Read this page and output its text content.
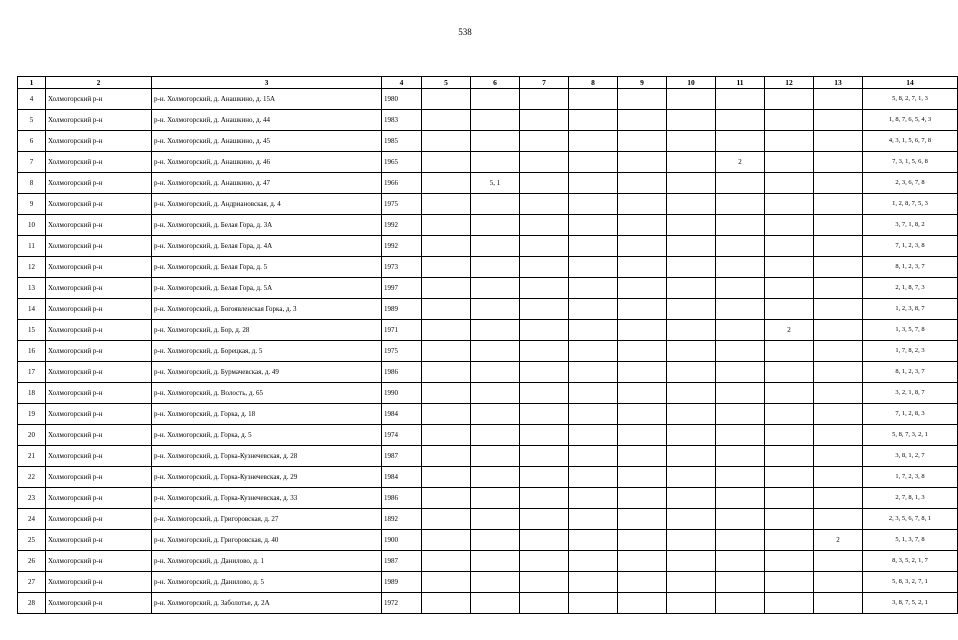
538
1	2	3	4	5	6	7	8	9	10	11	12	13	14
4	Холмогорский р-н	р-н. Холмогорский, д. Анашкино, д. 15А	1980										5, 8, 2, 7, 1, 3
5	Холмогорский р-н	р-н. Холмогорский, д. Анашкино, д. 44	1983										1, 8, 7, 6, 5, 4, 3
6	Холмогорский р-н	р-н. Холмогорский, д. Анашкино, д. 45	1985										4, 3, 1, 5, 6, 7, 8
7	Холмогорский р-н	р-н. Холмогорский, д. Анашкино, д. 46	1965							2			7, 3, 1, 5, 6, 8
8	Холмогорский р-н	р-н. Холмогорский, д. Анашкино, д. 47	1966		5, 1								2, 3, 6, 7, 8
9	Холмогорский р-н	р-н. Холмогорский, д. Андриановская, д. 4	1975										1, 2, 8, 7, 5, 3
10	Холмогорский р-н	р-н. Холмогорский, д. Белая Гора, д. 3А	1992										3, 7, 1, 8, 2
11	Холмогорский р-н	р-н. Холмогорский, д. Белая Гора, д. 4А	1992										7, 1, 2, 3, 8
12	Холмогорский р-н	р-н. Холмогорский, д. Белая Гора, д. 5	1973										8, 1, 2, 3, 7
13	Холмогорский р-н	р-н. Холмогорский, д. Белая Гора, д. 5А	1997										2, 1, 8, 7, 3
14	Холмогорский р-н	р-н. Холмогорский, д. Богоявленская Горка, д. 3	1989										1, 2, 3, 8, 7
15	Холмогорский р-н	р-н. Холмогорский, д. Бор, д. 28	1971								2		1, 3, 5, 7, 8
16	Холмогорский р-н	р-н. Холмогорский, д. Борецкая, д. 5	1975										1, 7, 8, 2, 3
17	Холмогорский р-н	р-н. Холмогорский, д. Бурмачевская, д. 49	1986										8, 1, 2, 3, 7
18	Холмогорский р-н	р-н. Холмогорский, д. Волость, д. 65	1990										3, 2, 1, 8, 7
19	Холмогорский р-н	р-н. Холмогорский, д. Горка, д. 18	1984										7, 1, 2, 8, 3
20	Холмогорский р-н	р-н. Холмогорский, д. Горка, д. 5	1974										5, 8, 7, 3, 2, 1
21	Холмогорский р-н	р-н. Холмогорский, д. Горка-Кузнечевская, д. 28	1987										3, 8, 1, 2, 7
22	Холмогорский р-н	р-н. Холмогорский, д. Горка-Кузнечевская, д. 29	1984										1, 7, 2, 3, 8
23	Холмогорский р-н	р-н. Холмогорский, д. Горка-Кузнечевская, д. 33	1986										2, 7, 8, 1, 3
24	Холмогорский р-н	р-н. Холмогорский, д. Григоровская, д. 27	1892										2, 3, 5, 6, 7, 8, 1
25	Холмогорский р-н	р-н. Холмогорский, д. Григоровская, д. 40	1900									2	5, 1, 3, 7, 8
26	Холмогорский р-н	р-н. Холмогорский, д. Данилово, д. 1	1987										8, 3, 5, 2, 1, 7
27	Холмогорский р-н	р-н. Холмогорский, д. Данилово, д. 5	1989										5, 8, 3, 2, 7, 1
28	Холмогорский р-н	р-н. Холмогорский, д. Заболотье, д. 2А	1972										3, 8, 7, 5, 2, 1
